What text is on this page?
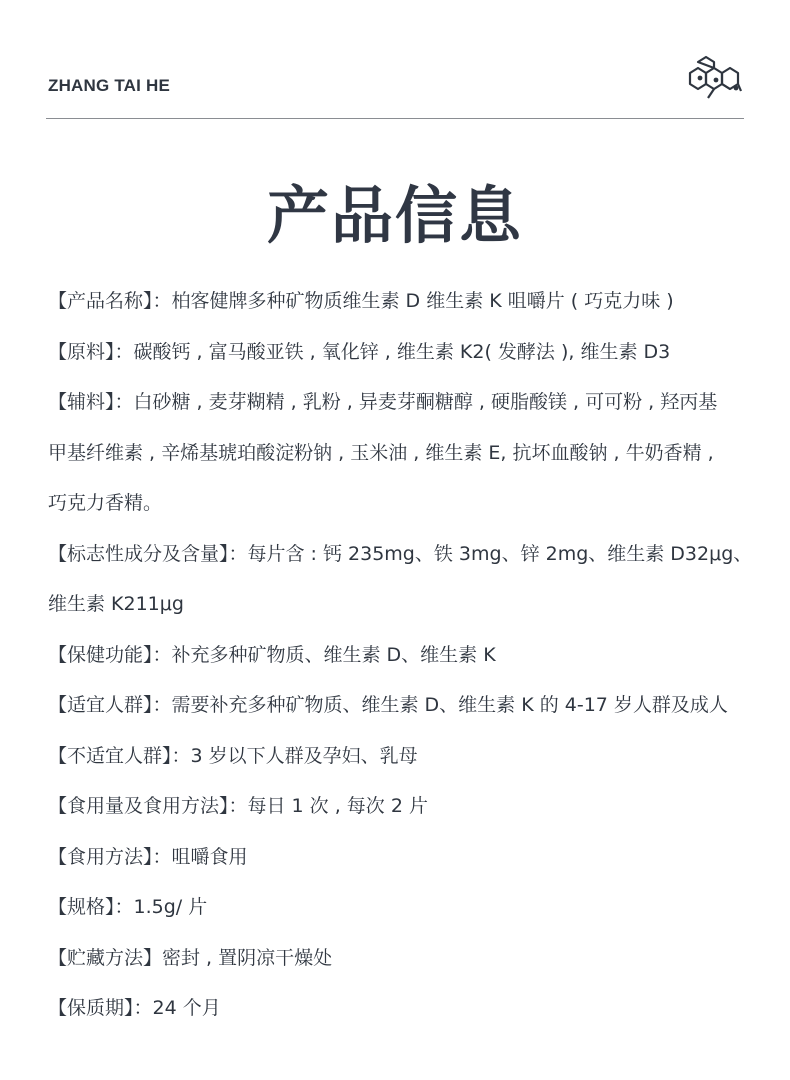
ZHANG TAI HE
产品信息
【产品名称】：柏客健牌多种矿物质维生素 D 维生素 K 咀嚼片 ( 巧克力味 )
【原料】：碳酸钙 , 富马酸亚铁 , 氧化锌 , 维生素 K2( 发酵法 ), 维生素 D3
【辅料】：白砂糖 , 麦芽糊精 , 乳粉 , 异麦芽酮糖醇 , 硬脂酸镁 , 可可粉 , 羟丙基
甲基纤维素 , 辛烯基琥珀酸淀粉钠 , 玉米油 , 维生素 E, 抗坏血酸钠 , 牛奶香精 ,
巧克力香精。
【标志性成分及含量】：每片含 : 钙 235mg、铁 3mg、锌 2mg、维生素 D32μg、
维生素 K211μg
【保健功能】：补充多种矿物质、维生素 D、维生素 K
【适宜人群】：需要补充多种矿物质、维生素 D、维生素 K 的 4-17 岁人群及成人
【不适宜人群】：3 岁以下人群及孕妇、乳母
【食用量及食用方法】：每日 1 次 , 每次 2 片
【食用方法】：咀嚼食用
【规格】：1.5g/ 片
【贮藏方法】密封 , 置阴凉干燥处
【保质期】：24 个月
